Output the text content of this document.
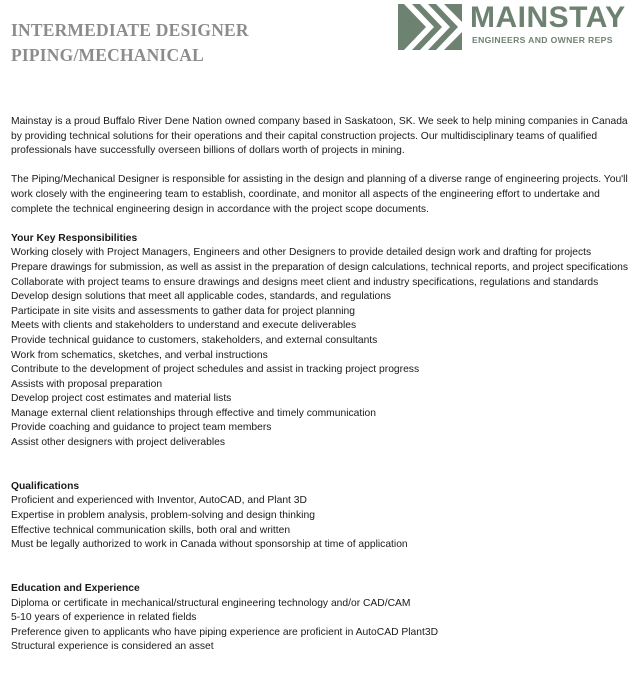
INTERMEDIATE DESIGNER
PIPING/MECHANICAL
MAINSTAY
ENGINEERS AND OWNER REPS

Mainstay is a proud Buffalo River Dene Nation owned company based in Saskatoon, SK. We seek to help mining companies in Canada by providing technical solutions for their operations and their capital construction projects. Our multidisciplinary teams of qualified professionals have successfully overseen billions of dollars worth of projects in mining.

The Piping/Mechanical Designer is responsible for assisting in the design and planning of a diverse range of engineering projects. You'll work closely with the engineering team to establish, coordinate, and monitor all aspects of the engineering effort to undertake and complete the technical engineering design in accordance with the project scope documents.

Your Key Responsibilities

Working closely with Project Managers, Engineers and other Designers to provide detailed design work and drafting for projects
Prepare drawings for submission, as well as assist in the preparation of design calculations, technical reports, and project specifications
Collaborate with project teams to ensure drawings and designs meet client and industry specifications, regulations and standards
Develop design solutions that meet all applicable codes, standards, and regulations
Participate in site visits and assessments to gather data for project planning
Meets with clients and stakeholders to understand and execute deliverables
Provide technical guidance to customers, stakeholders, and external consultants
Work from schematics, sketches, and verbal instructions
Contribute to the development of project schedules and assist in tracking project progress
Assists with proposal preparation
Develop project cost estimates and material lists
Manage external client relationships through effective and timely communication
Provide coaching and guidance to project team members
Assist other designers with project deliverables

Qualifications

Proficient and experienced with Inventor, AutoCAD, and Plant 3D
Expertise in problem analysis, problem-solving and design thinking
Effective technical communication skills, both oral and written
Must be legally authorized to work in Canada without sponsorship at time of application

Education and Experience

Diploma or certificate in mechanical/structural engineering technology and/or CAD/CAM
5-10 years of experience in related fields
Preference given to applicants who have piping experience are proficient in AutoCAD Plant3D
Structural experience is considered an asset
